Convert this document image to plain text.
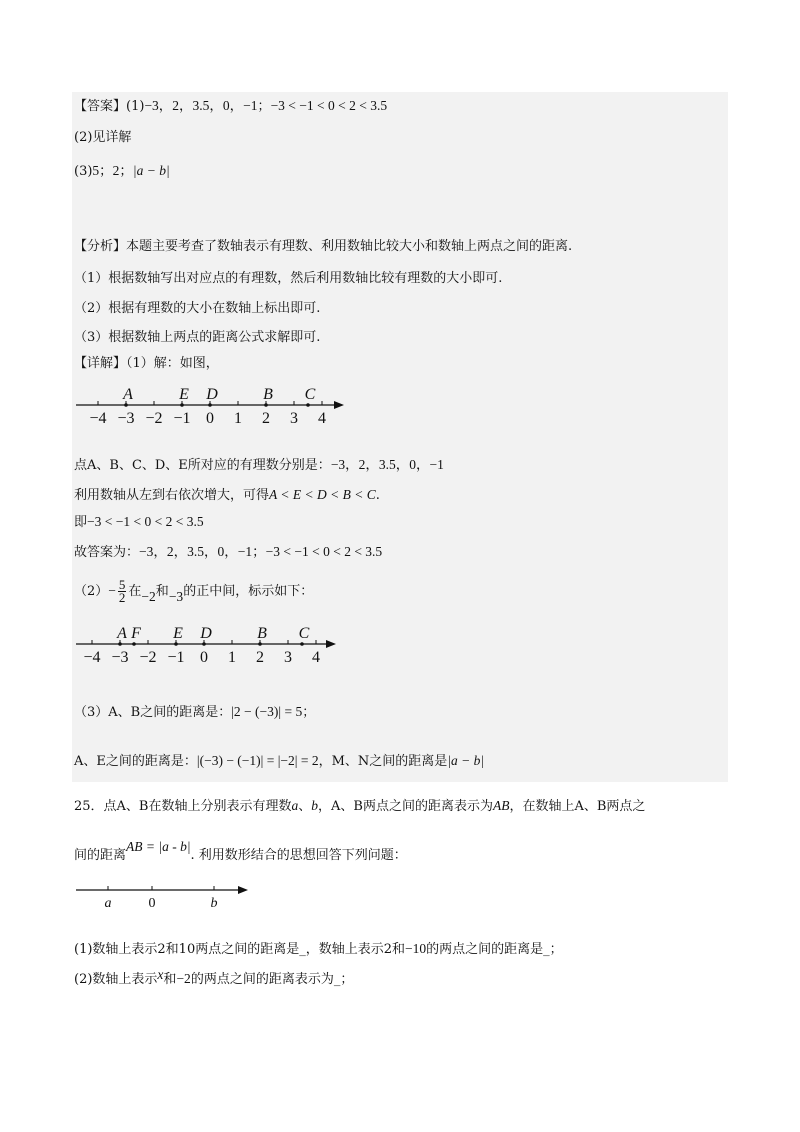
【答案】(1)−3，2，3.5，0，−1；−3 < −1 < 0 < 2 < 3.5
(2)见详解
(3)5；2；|a − b|
【分析】本题主要考查了数轴表示有理数、利用数轴比较大小和数轴上两点之间的距离.
（1）根据数轴写出对应点的有理数，然后利用数轴比较有理数的大小即可.
（2）根据有理数的大小在数轴上标出即可.
（3）根据数轴上两点的距离公式求解即可.
【详解】（1）解：如图，
−4 −3 −2 −1 0 1 2 3 4
A	E D	B C
点A、B、C、D、E所对应的有理数分别是：−3，2，3.5，0，−1
利用数轴从左到右依次增大，可得A < E < D < B < C.
即−3 < −1 < 0 < 2 < 3.5
故答案为：−3，2，3.5，0，−1；−3 < −1 < 0 < 2 < 3.5
$(2)- \frac{5}{2}$ 在−2和−3的正中间，标示如下：
−4 −3 −2 −1 0 1 2 3 4
A F E D	B C
（3）A、B之间的距离是：|2 − (−3)| = 5；
A、E之间的距离是：|(−3) − (−1)| = |−2| = 2，M、N之间的距离是|a − b|
25．点A、B在数轴上分别表示有理数a、b，A、B两点之间的距离表示为AB，在数轴上A、B两点之
间的距离AB = |a - b|. 利用数形结合的思想回答下列问题：
a	0	b
(1)数轴上表示2和10两点之间的距离是_，数轴上表示2和−10的两点之间的距离是_；
(2)数轴上表示x和−2的两点之间的距离表示为_；
